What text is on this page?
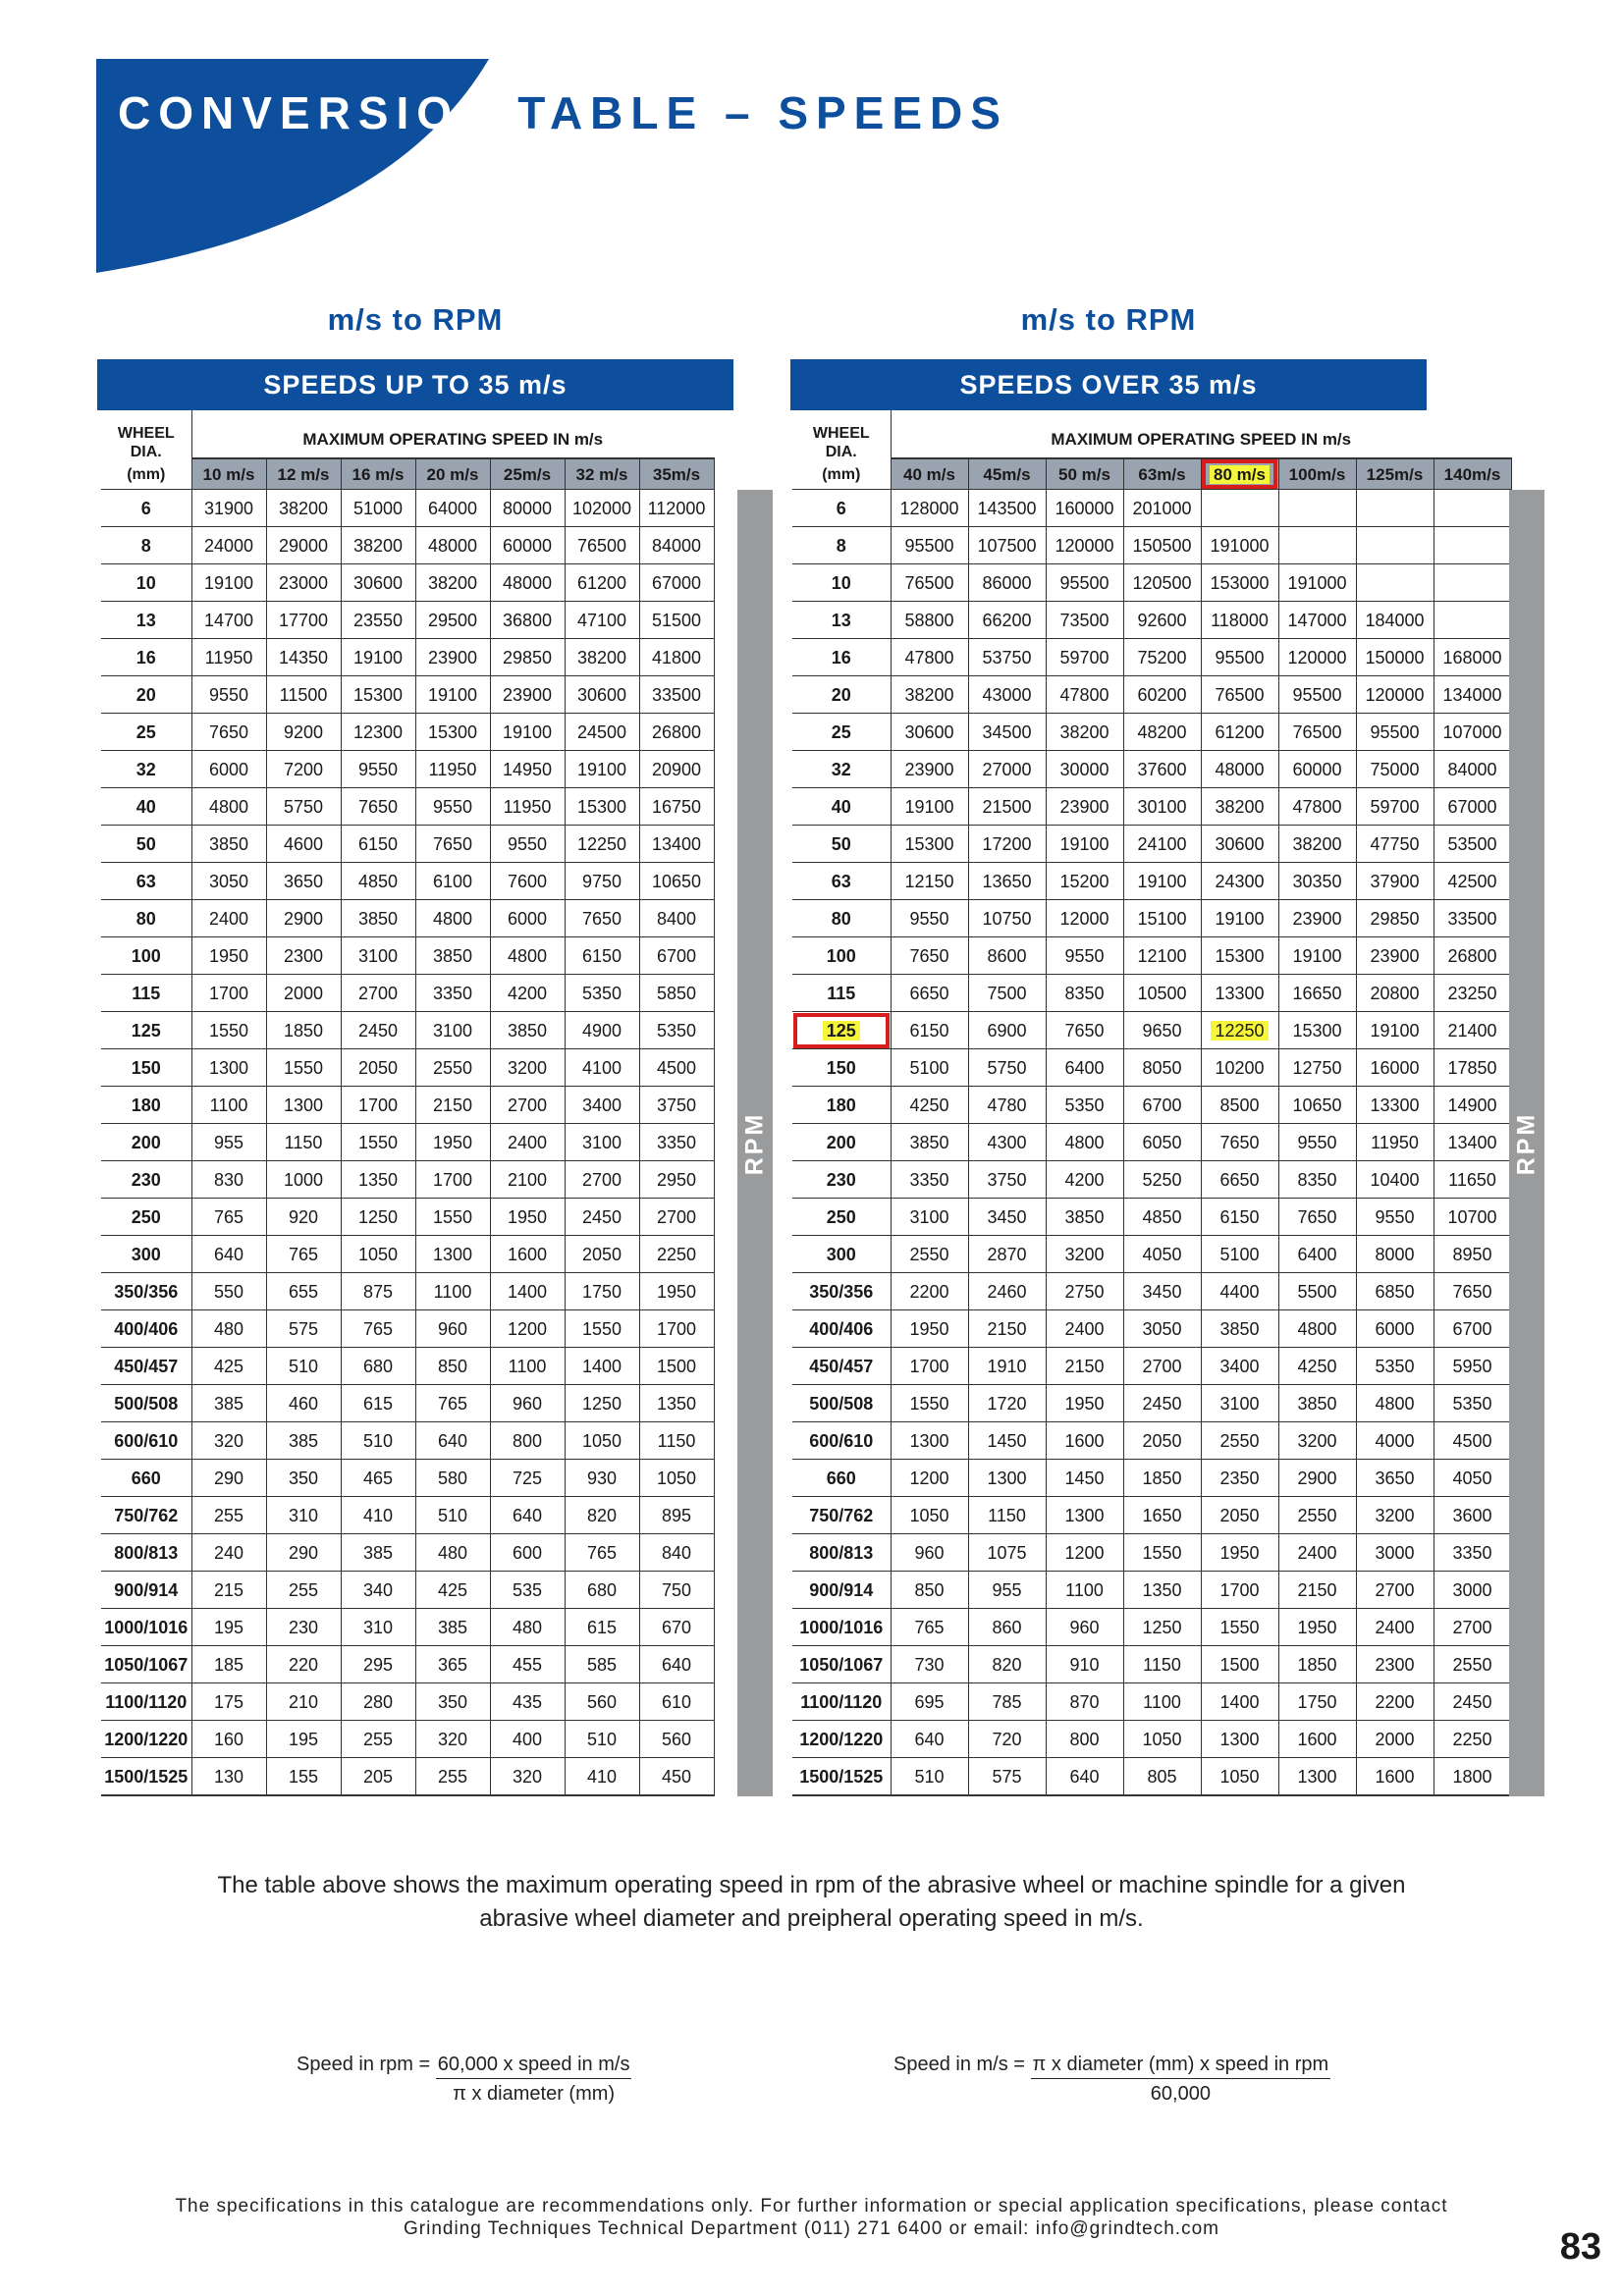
CONVERSION TABLE – SPEEDS
m/s to RPM
SPEEDS UP TO 35 m/s
WHEEL
DIA.
(mm)	MAXIMUM OPERATING SPEED IN m/s						
	10 m/s	12 m/s	16 m/s	20 m/s	25m/s	32 m/s	35m/s
6	31900	38200	51000	64000	80000	102000	112000
8	24000	29000	38200	48000	60000	76500	84000
10	19100	23000	30600	38200	48000	61200	67000
13	14700	17700	23550	29500	36800	47100	51500
16	11950	14350	19100	23900	29850	38200	41800
20	9550	11500	15300	19100	23900	30600	33500
25	7650	9200	12300	15300	19100	24500	26800
32	6000	7200	9550	11950	14950	19100	20900
40	4800	5750	7650	9550	11950	15300	16750
50	3850	4600	6150	7650	9550	12250	13400
63	3050	3650	4850	6100	7600	9750	10650
80	2400	2900	3850	4800	6000	7650	8400
100	1950	2300	3100	3850	4800	6150	6700
115	1700	2000	2700	3350	4200	5350	5850
125	1550	1850	2450	3100	3850	4900	5350
150	1300	1550	2050	2550	3200	4100	4500
180	1100	1300	1700	2150	2700	3400	3750
200	955	1150	1550	1950	2400	3100	3350
230	830	1000	1350	1700	2100	2700	2950
250	765	920	1250	1550	1950	2450	2700
300	640	765	1050	1300	1600	2050	2250
350/356	550	655	875	1100	1400	1750	1950
400/406	480	575	765	960	1200	1550	1700
450/457	425	510	680	850	1100	1400	1500
500/508	385	460	615	765	960	1250	1350
600/610	320	385	510	640	800	1050	1150
660	290	350	465	580	725	930	1050
750/762	255	310	410	510	640	820	895
800/813	240	290	385	480	600	765	840
900/914	215	255	340	425	535	680	750
1000/1016	195	230	310	385	480	615	670
1050/1067	185	220	295	365	455	585	640
1100/1120	175	210	280	350	435	560	610
1200/1220	160	195	255	320	400	510	560
1500/1525	130	155	205	255	320	410	450
RPM
m/s to RPM
SPEEDS OVER 35 m/s
WHEEL
DIA.
(mm)	MAXIMUM OPERATING SPEED IN m/s							
	40 m/s	45m/s	50 m/s	63m/s	80 m/s	100m/s	125m/s	140m/s
6	128000	143500	160000	201000				
8	95500	107500	120000	150500	191000			
10	76500	86000	95500	120500	153000	191000		
13	58800	66200	73500	92600	118000	147000	184000	
16	47800	53750	59700	75200	95500	120000	150000	168000
20	38200	43000	47800	60200	76500	95500	120000	134000
25	30600	34500	38200	48200	61200	76500	95500	107000
32	23900	27000	30000	37600	48000	60000	75000	84000
40	19100	21500	23900	30100	38200	47800	59700	67000
50	15300	17200	19100	24100	30600	38200	47750	53500
63	12150	13650	15200	19100	24300	30350	37900	42500
80	9550	10750	12000	15100	19100	23900	29850	33500
100	7650	8600	9550	12100	15300	19100	23900	26800
115	6650	7500	8350	10500	13300	16650	20800	23250
125	6150	6900	7650	9650	12250	15300	19100	21400
150	5100	5750	6400	8050	10200	12750	16000	17850
180	4250	4780	5350	6700	8500	10650	13300	14900
200	3850	4300	4800	6050	7650	9550	11950	13400
230	3350	3750	4200	5250	6650	8350	10400	11650
250	3100	3450	3850	4850	6150	7650	9550	10700
300	2550	2870	3200	4050	5100	6400	8000	8950
350/356	2200	2460	2750	3450	4400	5500	6850	7650
400/406	1950	2150	2400	3050	3850	4800	6000	6700
450/457	1700	1910	2150	2700	3400	4250	5350	5950
500/508	1550	1720	1950	2450	3100	3850	4800	5350
600/610	1300	1450	1600	2050	2550	3200	4000	4500
660	1200	1300	1450	1850	2350	2900	3650	4050
750/762	1050	1150	1300	1650	2050	2550	3200	3600
800/813	960	1075	1200	1550	1950	2400	3000	3350
900/914	850	955	1100	1350	1700	2150	2700	3000
1000/1016	765	860	960	1250	1550	1950	2400	2700
1050/1067	730	820	910	1150	1500	1850	2300	2550
1100/1120	695	785	870	1100	1400	1750	2200	2450
1200/1220	640	720	800	1050	1300	1600	2000	2250
1500/1525	510	575	640	805	1050	1300	1600	1800
RPM
The table above shows the maximum operating speed in rpm of the abrasive wheel or machine spindle for a given
abrasive wheel diameter and preipheral operating speed in m/s.
Speed in rpm = $\frac{\text{60,000 x speed in m/s}}{\text{π x diameter (mm)}}$	Speed in $m/s = \frac{\text{π x diameter (mm) x speed in rpm}}{60,000}$
The specifications in this catalogue are recommendations only. For further information or special application specifications, please contact
Grinding Techniques Technical Department (011) 271 6400 or email: info@grindtech.com	83
